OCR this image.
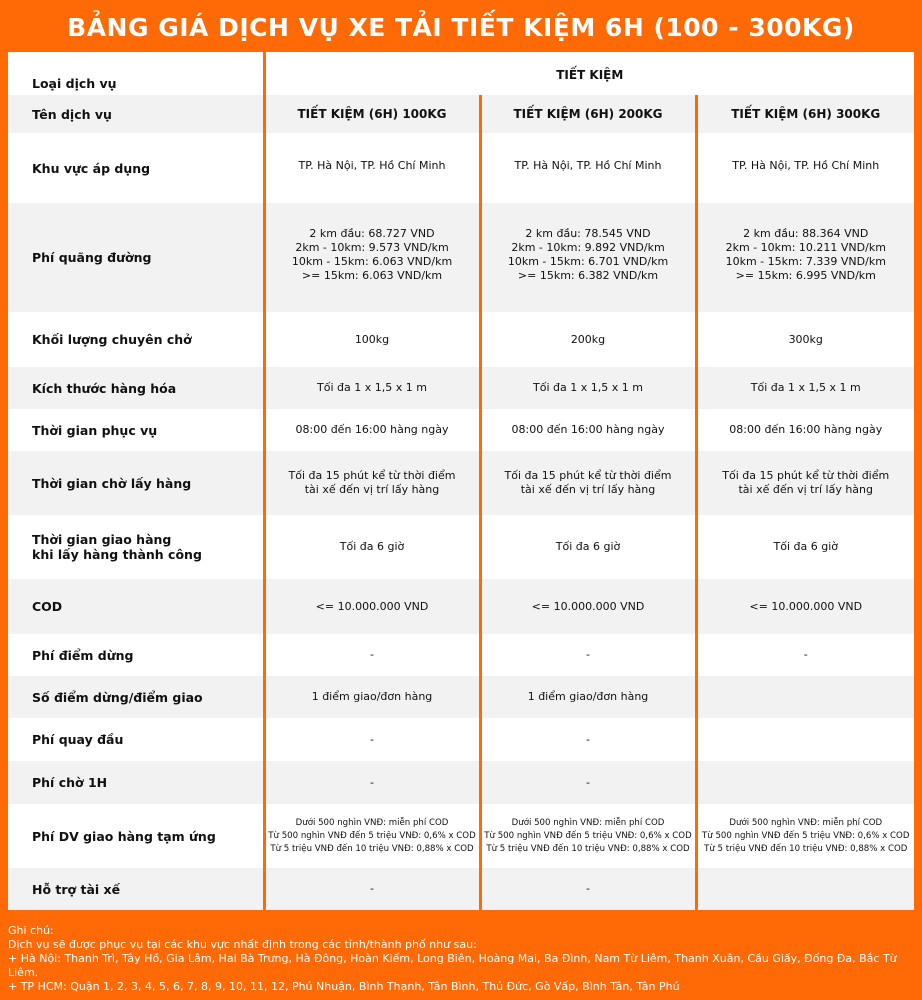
BẢNG GIÁ DỊCH VỤ XE TẢI TIẾT KIỆM 6H (100 - 300KG)
Loại dịch vụ	TIẾT KIỆM		
Tên dịch vụ	TIẾT KIỆM (6H) 100KG	TIẾT KIỆM (6H) 200KG	TIẾT KIỆM (6H) 300KG
Khu vực áp dụng	TP. Hà Nội, TP. Hồ Chí Minh	TP. Hà Nội, TP. Hồ Chí Minh	TP. Hà Nội, TP. Hồ Chí Minh
Phí quãng đường	2 km đầu: 68.727 VND
2km - 10km: 9.573 VND/km
10km - 15km: 6.063 VND/km
>= 15km: 6.063 VND/km	2 km đầu: 78.545 VND
2km - 10km: 9.892 VND/km
10km - 15km: 6.701 VND/km
>= 15km: 6.382 VND/km	2 km đầu: 88.364 VND
2km - 10km: 10.211 VND/km
10km - 15km: 7.339 VND/km
>= 15km: 6.995 VND/km
Khối lượng chuyên chở	100kg	200kg	300kg
Kích thước hàng hóa	Tối đa 1 x 1,5 x 1 m	Tối đa 1 x 1,5 x 1 m	Tối đa 1 x 1,5 x 1 m
Thời gian phục vụ	08:00 đến 16:00 hàng ngày	08:00 đến 16:00 hàng ngày	08:00 đến 16:00 hàng ngày
Thời gian chờ lấy hàng	Tối đa 15 phút kể từ thời điểm
tài xế đến vị trí lấy hàng	Tối đa 15 phút kể từ thời điểm
tài xế đến vị trí lấy hàng	Tối đa 15 phút kể từ thời điểm
tài xế đến vị trí lấy hàng
Thời gian giao hàng
khi lấy hàng thành công	Tối đa 6 giờ	Tối đa 6 giờ	Tối đa 6 giờ
COD	<= 10.000.000 VND	<= 10.000.000 VND	<= 10.000.000 VND
Phí điểm dừng	-	-	-
Số điểm dừng/điểm giao	1 điểm giao/đơn hàng	1 điểm giao/đơn hàng	
Phí quay đầu	-	-	
Phí chờ 1H	-	-	
Phí DV giao hàng tạm ứng	Dưới 500 nghìn VNĐ: miễn phí COD
Từ 500 nghìn VNĐ đến 5 triệu VNĐ: 0,6% x COD
Từ 5 triệu VNĐ đến 10 triệu VNĐ: 0,88% x COD	Dưới 500 nghìn VNĐ: miễn phí COD
Từ 500 nghìn VNĐ đến 5 triệu VNĐ: 0,6% x COD
Từ 5 triệu VNĐ đến 10 triệu VNĐ: 0,88% x COD	Dưới 500 nghìn VNĐ: miễn phí COD
Từ 500 nghìn VNĐ đến 5 triệu VNĐ: 0,6% x COD
Từ 5 triệu VNĐ đến 10 triệu VNĐ: 0,88% x COD
Hỗ trợ tài xế	-	-	
Ghi chú:
Dịch vụ sẽ được phục vụ tại các khu vực nhất định trong các tỉnh/thành phố như sau:
+ Hà Nội: Thanh Trì, Tây Hồ, Gia Lâm, Hai Bà Trưng, Hà Đông, Hoàn Kiếm, Long Biên, Hoàng Mai, Ba Đình, Nam Từ Liêm, Thanh Xuân, Cầu Giấy, Đống Đa, Bắc Từ Liêm.
+ TP HCM: Quận 1, 2, 3, 4, 5, 6, 7, 8, 9, 10, 11, 12, Phú Nhuận, Bình Thạnh, Tân Bình, Thủ Đức, Gò Vấp, Bình Tân, Tân Phú
